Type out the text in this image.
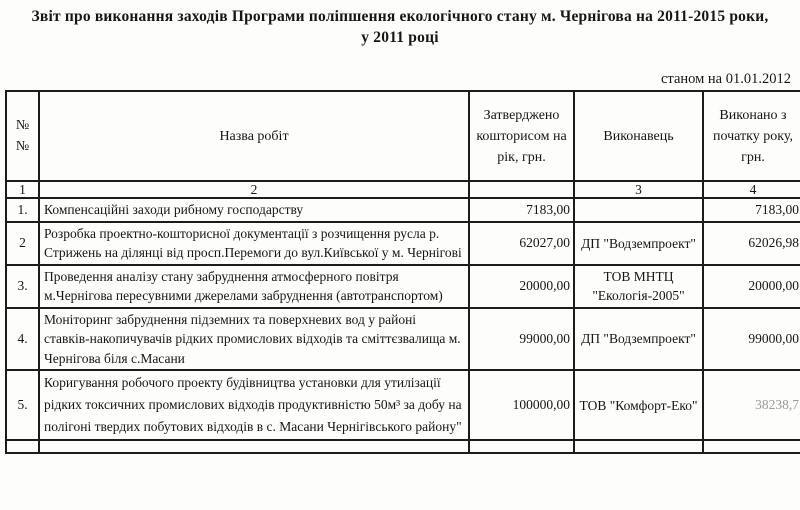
Звіт про виконання заходів Програми поліпшення екологічного стану м. Чернігова на 2011-2015 роки,
у 2011 році
станом на 01.01.2012
№№	Назва робіт	Затверджено кошторисом на рік, грн.	Виконавець	Виконано з початку року, грн.
1	2		3	4
1.	Компенсаційні заходи рибному господарству	7183,00		7183,00
2	Розробка проектно-кошторисної документації з розчищення русла р. Стрижень на ділянці від просп.Перемоги до вул.Київської у м. Чернігові	62027,00	ДП "Водземпроект"	62026,98
3.	Проведення аналізу стану забруднення атмосферного повітря м.Чернігова пересувними джерелами забруднення (автотранспортом)	20000,00	ТОВ МНТЦ "Екологія-2005"	20000,00
4.	Моніторинг забруднення підземних та поверхневих вод у районі ставків-накопичувачів рідких промислових відходів та сміттєзвалища м. Чернігова біля с.Масани	99000,00	ДП "Водземпроект"	99000,00
5.	Коригування робочого проекту будівництва установки для утилізації рідких токсичних промислових відходів продуктивністю 50м³ за добу на полігоні твердих побутових відходів в с. Масани Чернігівського району"	100000,00	ТОВ "Комфорт-Еко"	38238,7
